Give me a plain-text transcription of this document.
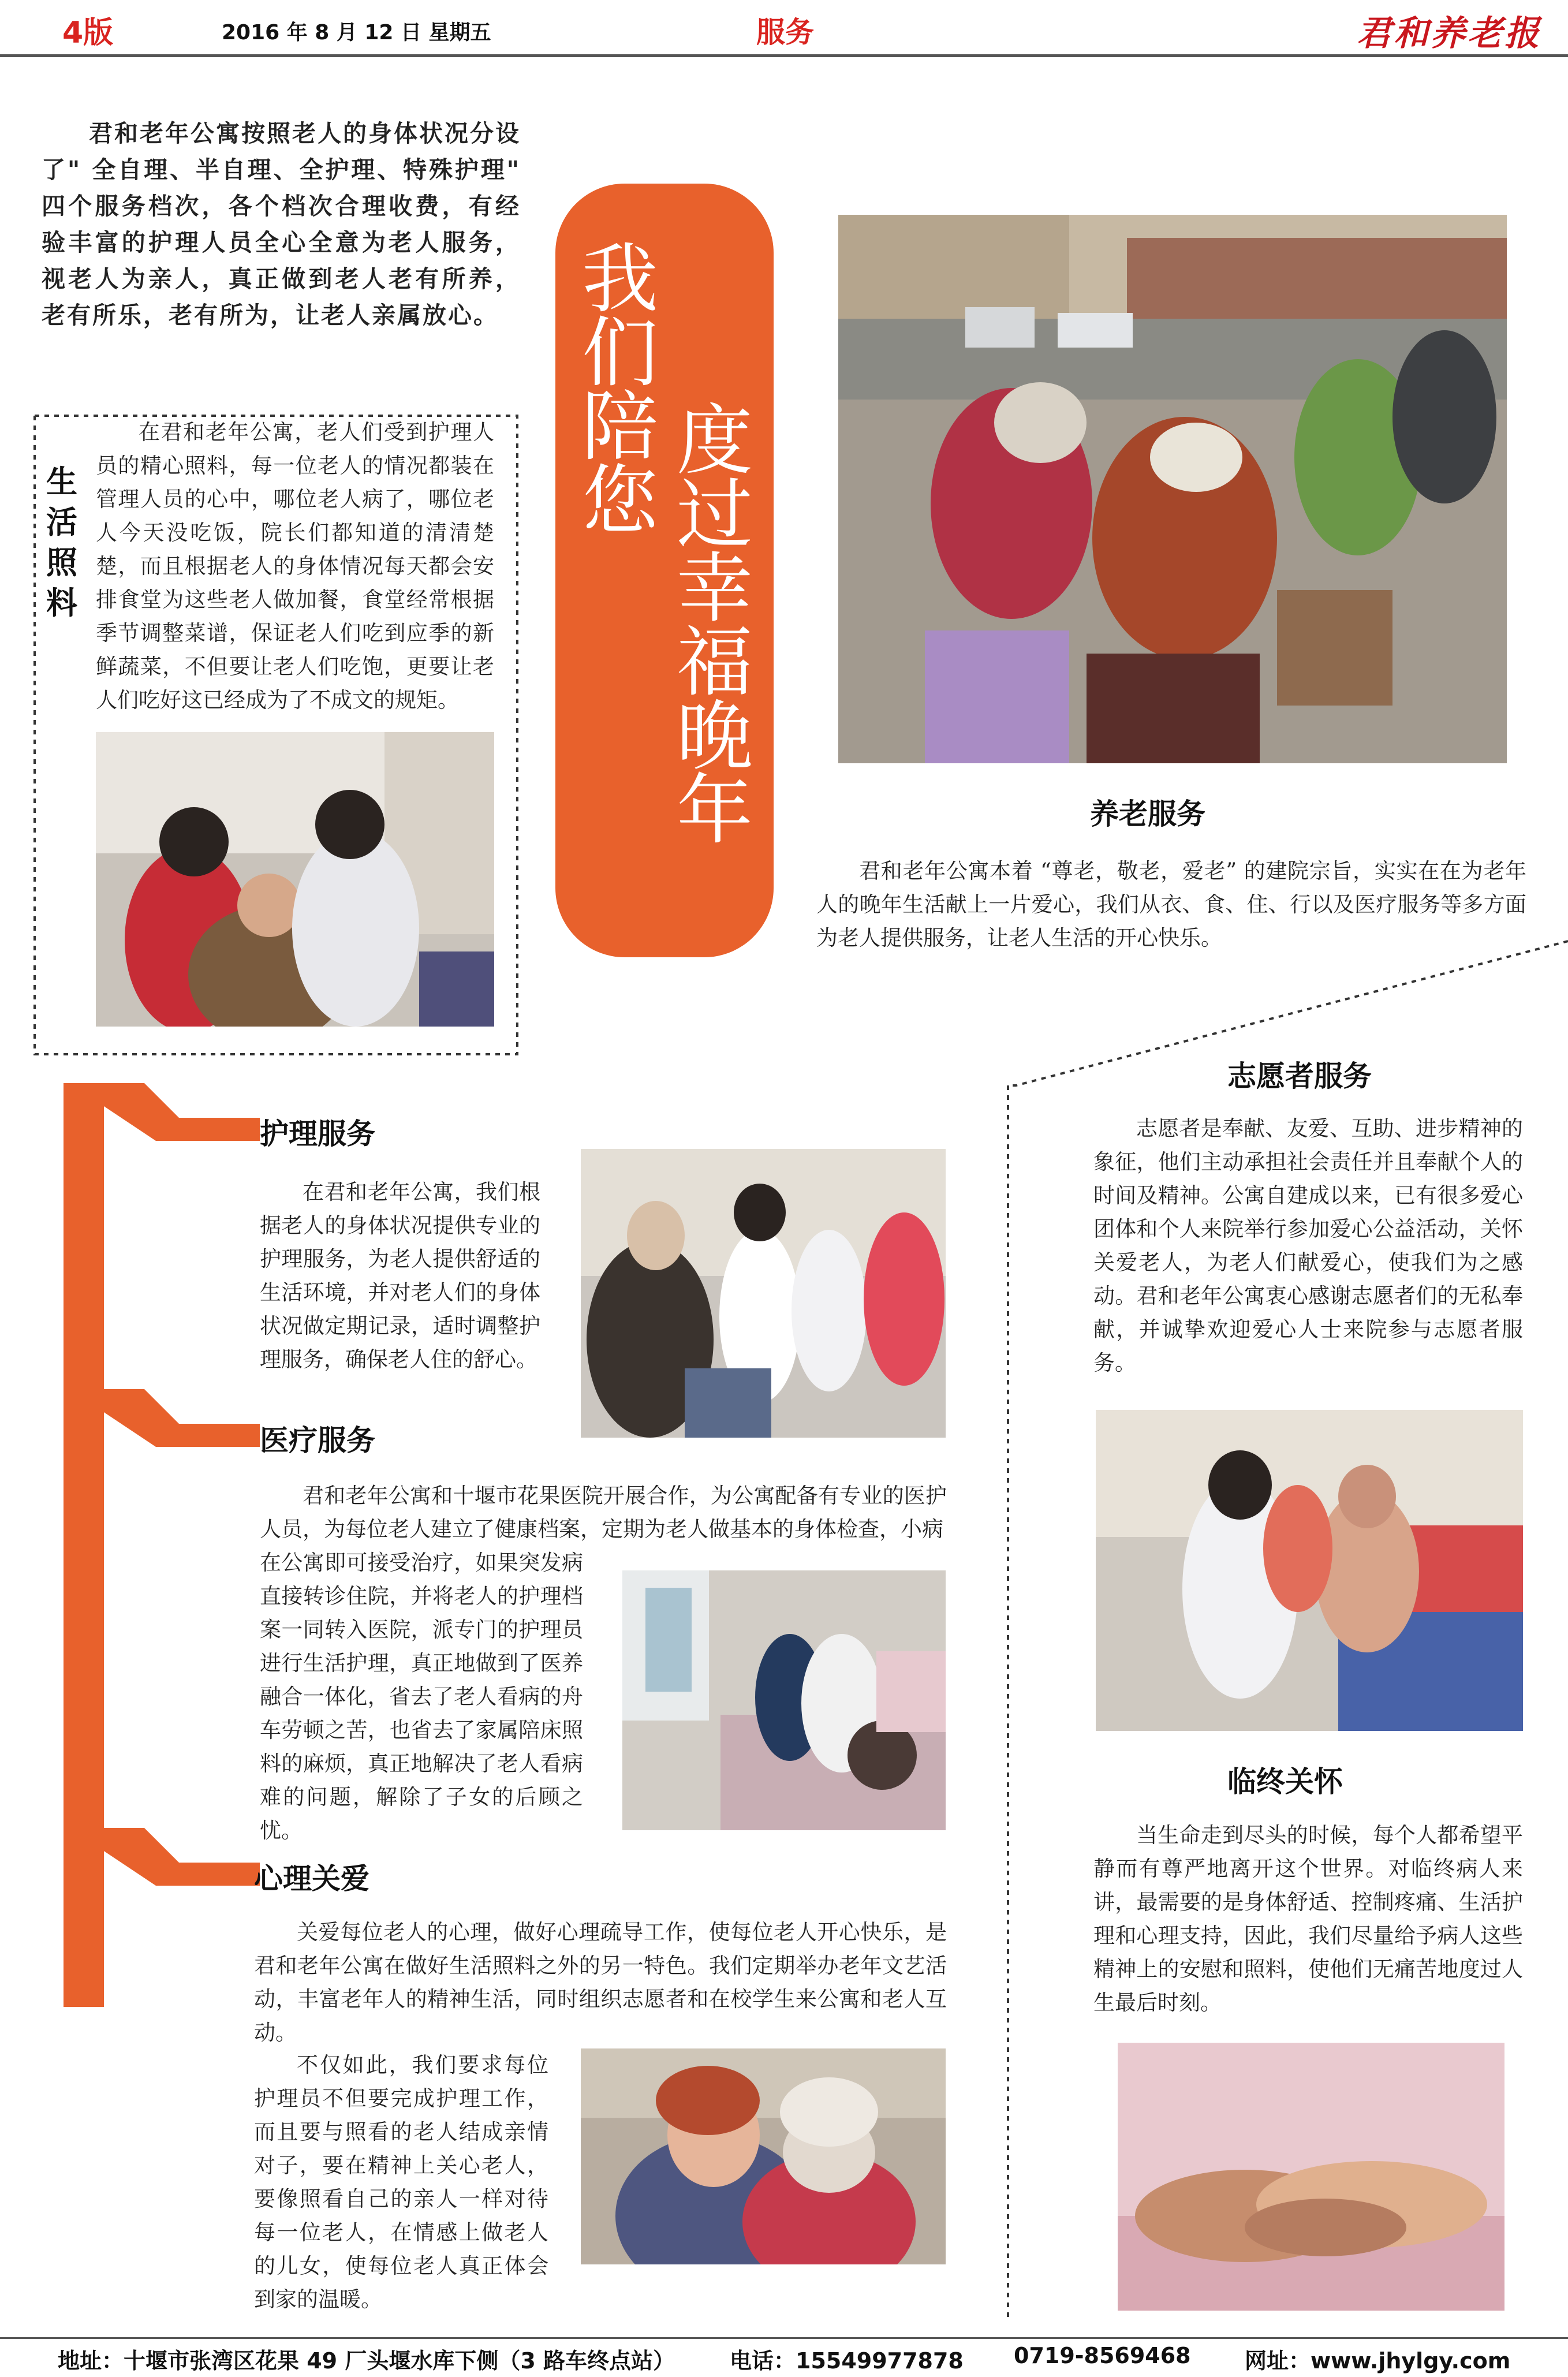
4版	2016 年 8 月 12 日 星期五	服务	君和养老报

君和老年公寓按照老人的身体状况分设了" 全自理、半自理、全护理、特殊护理" 四个服务档次，各个档次合理收费，有经验丰富的护理人员全心全意为老人服务，视老人为亲人，真正做到老人老有所养，老有所乐，老有所为，让老人亲属放心。 我们陪您
度过幸福晚年	养老服务

君和老年公寓本着 “尊老，敬老，爱老” 的建院宗旨，实实在在为老年人的晚年生活献上一片爱心，我们从衣、食、住、行以及医疗服务等多方面为老人提供服务，让老人生活的开心快乐。

生活照料

在君和老年公寓，老人们受到护理人员的精心照料，每一位老人的情况都装在管理人员的心中，哪位老人病了，哪位老人今天没吃饭，院长们都知道的清清楚楚，而且根据老人的身体情况每天都会安排食堂为这些老人做加餐，食堂经常根据季节调整菜谱，保证老人们吃到应季的新鲜蔬菜，不但要让老人们吃饱，更要让老人们吃好这已经成为了不成文的规矩。

护理服务

在君和老年公寓，我们根据老人的身体状况提供专业的护理服务，为老人提供舒适的生活环境，并对老人们的身体状况做定期记录，适时调整护理服务，确保老人住的舒心。

医疗服务

君和老年公寓和十堰市花果医院开展合作，为公寓配备有专业的医护人员，为每位老人建立了健康档案，定期为老人做基本的身体检查，小病

在公寓即可接受治疗，如果突发病直接转诊住院，并将老人的护理档案一同转入医院，派专门的护理员进行生活护理，真正地做到了医养融合一体化，省去了老人看病的舟车劳顿之苦，也省去了家属陪床照料的麻烦，真正地解决了老人看病难的问题，解除了子女的后顾之忧。

心理关爱

关爱每位老人的心理，做好心理疏导工作，使每位老人开心快乐，是君和老年公寓在做好生活照料之外的另一特色。我们定期举办老年文艺活动，丰富老年人的精神生活，同时组织志愿者和在校学生来公寓和老人互动。

不仅如此，我们要求每位护理员不但要完成护理工作，而且要与照看的老人结成亲情对子，要在精神上关心老人，要像照看自己的亲人一样对待每一位老人，在情感上做老人的儿女，使每位老人真正体会到家的温暖。

志愿者服务

志愿者是奉献、友爱、互助、进步精神的象征，他们主动承担社会责任并且奉献个人的时间及精神。公寓自建成以来，已有很多爱心团体和个人来院举行参加爱心公益活动，关怀关爱老人，为老人们献爱心，使我们为之感动。君和老年公寓衷心感谢志愿者们的无私奉献，并诚挚欢迎爱心人士来院参与志愿者服务。

临终关怀

当生命走到尽头的时候，每个人都希望平静而有尊严地离开这个世界。对临终病人来讲，最需要的是身体舒适、控制疼痛、生活护理和心理支持，因此，我们尽量给予病人这些精神上的安慰和照料，使他们无痛苦地度过人生最后时刻。

地址：十堰市张湾区花果 49 厂头堰水库下侧（3 路车终点站） 电话：15549977878 0719-8569468 网址：www.jhylgy.com
